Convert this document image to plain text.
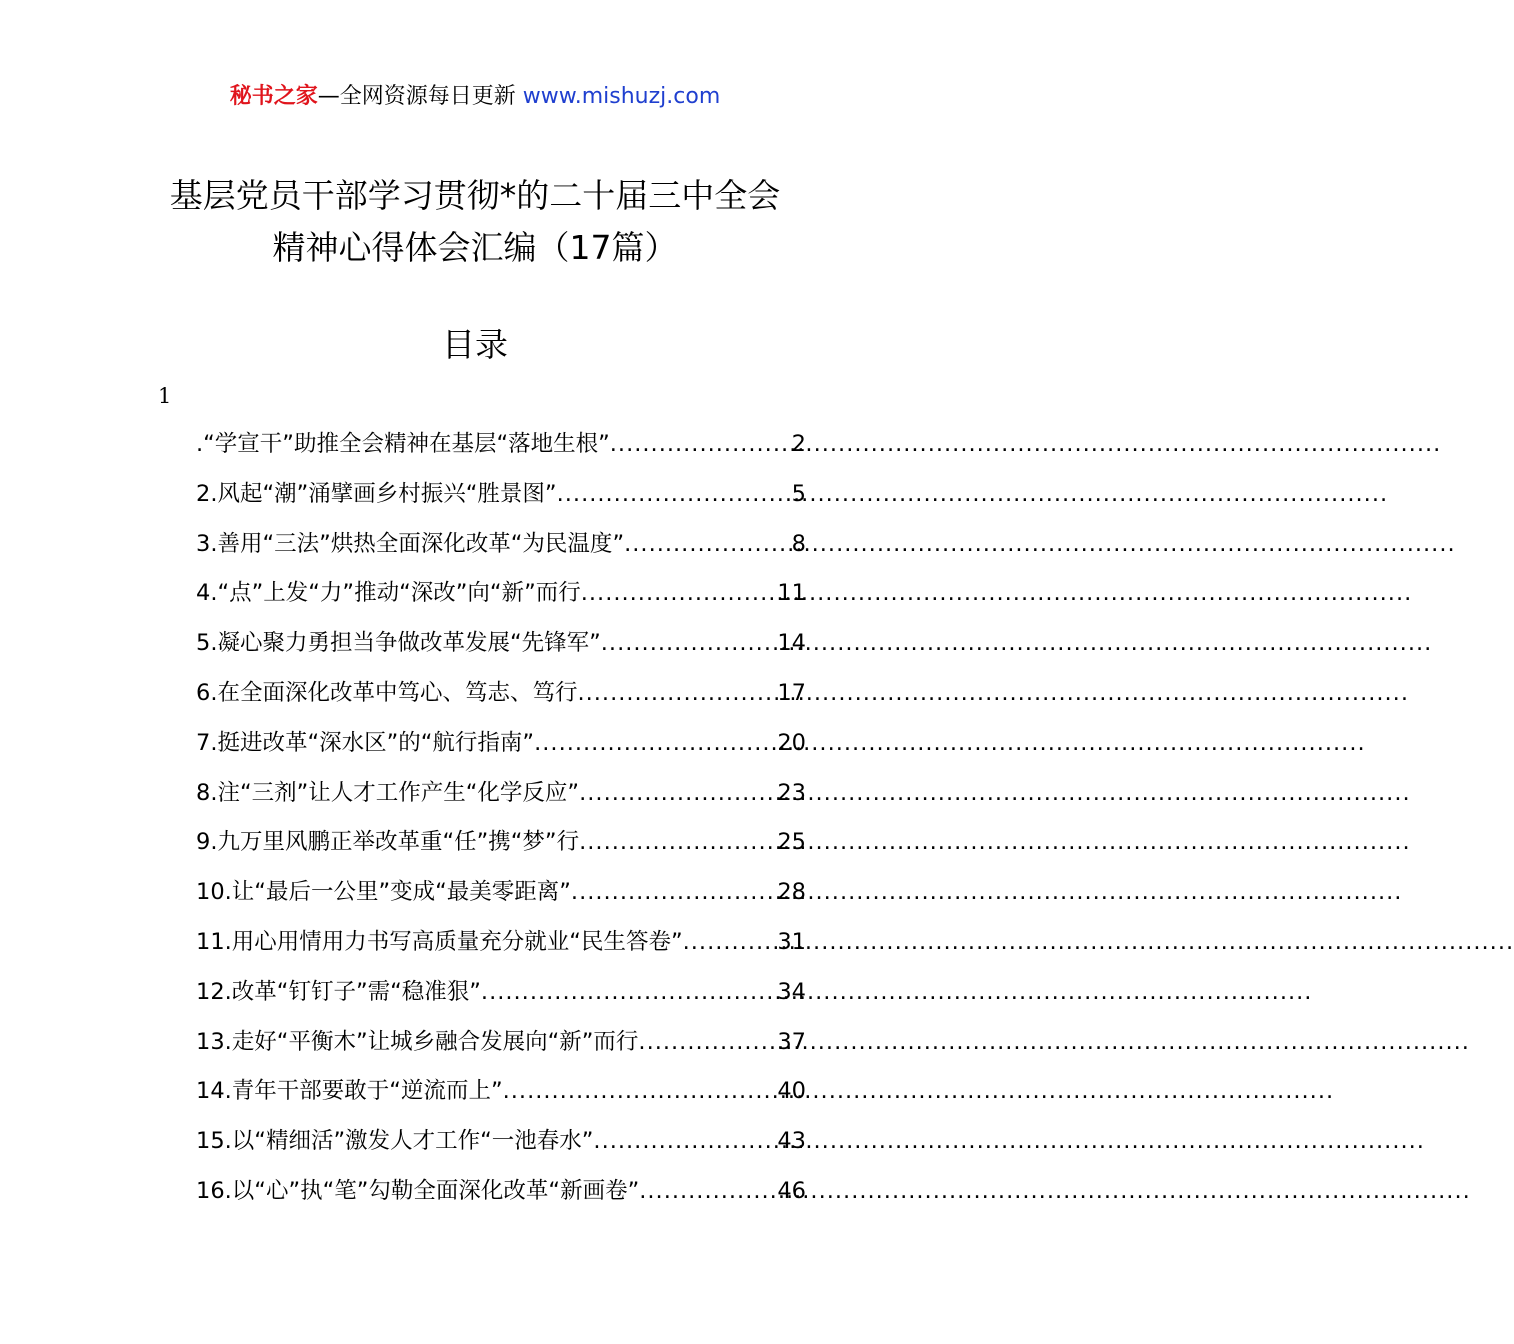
秘书之家—全网资源每日更新 www.mishuzj.com
基层党员干部学习贯彻*的二十届三中全会
精神心得体会汇编（17篇）
目录
1
.“学宣干”助推全会精神在基层“落地生根” .....	2
2.风起“潮”涌擘画乡村振兴“胜景图” .....	5
3.善用“三法”烘热全面深化改革“为民温度” .....	8
4.“点”上发“力”推动“深改”向“新”而行 .....	11
5.凝心聚力勇担当争做改革发展“先锋军” .....	14
6.在全面深化改革中笃心、笃志、笃行 .....	17
7.挺进改革“深水区”的“航行指南” .....	20
8.注“三剂”让人才工作产生“化学反应” .....	23
9.九万里风鹏正举改革重“任”携“梦”行 .....	25
10.让“最后一公里”变成“最美零距离” .....	28
11.用心用情用力书写高质量充分就业“民生答卷” .....	31
12.改革“钉钉子”需“稳准狠” .....	34
13.走好“平衡木”让城乡融合发展向“新”而行 .....	37
14.青年干部要敢于“逆流而上” .....	40
15.以“精细活”激发人才工作“一池春水” .....	43
16.以“心”执“笔”勾勒全面深化改革“新画卷” .....	46
